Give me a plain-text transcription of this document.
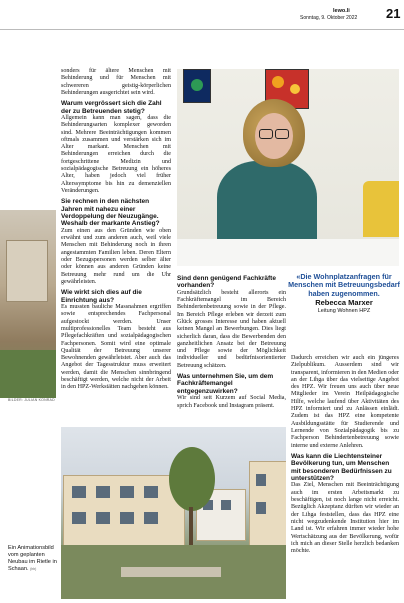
lewo.li
Sonntag, 9. Oktober 2022 21
BILDER: JULIAN KONRAD

sonders für ältere Menschen mit Behinderung und für Menschen mit schwereren geistig-körperlichen Behinderungen ausgerichtet sein wird.

Warum vergrössert sich die Zahl der zu Betreuenden stetig?

Allgemein kann man sagen, dass die Behinderungsarten komplexer geworden sind. Mehrere Beeinträchtigungen kommen oftmals zusammen und verstärken sich im Alter markant. Menschen mit Behinderungen erreichen durch die fortgeschrittene Medizin und sozialpädagogische Betreuung ein höheres Alter, haben jedoch viel früher Alterssymptome bis hin zu demenziellen Veränderungen.

Sie rechnen in den nächsten Jahren mit nahezu einer Verdoppelung der Neuzugänge. Weshalb der markante Anstieg?

Zum einen aus den Gründen wie oben erwähnt und zum anderen auch, weil viele Menschen mit Behinderung noch in ihren angestammten Familien leben. Deren Eltern oder Bezugspersonen werden selber älter oder können aus anderen Gründen keine Betreuung mehr rund um die Uhr gewährleisten.

Wie wirkt sich dies auf die Einrichtung aus?

Es mussten bauliche Massnahmen ergriffen sowie entsprechendes Fachpersonal aufgestockt werden. Unser multiprofessionelles Team besteht aus Pflegefachkräften und sozialpädagogischen Fachpersonen. Somit wird eine optimale Qualität der Betreuung unserer Bewohnenden gewährleistet. Aber auch das Angebot der Tagesstruktur muss erweitert werden, damit die Menschen sinnbringend beschäftigt werden, welche nicht der Arbeit in den HPZ-Werkstätten nachgehen können.

Sind denn genügend Fachkräfte vorhanden?

Grundsätzlich besteht allerorts ein Fachkräftemangel im Bereich Behindertenbetreuung sowie in der Pflege. Im Bereich Pflege erleben wir derzeit zum Glück grosses Interesse und haben aktuell keinen Mangel an Bewerbungen. Dies liegt sicherlich daran, dass die Bewerbenden den ganzheitlichen Ansatz bei der Betreuung und Pflege sowie der Möglichkeit individueller und bedürfnisorientierter Betreuung schätzen.

Was unternehmen Sie, um dem Fachkräftemangel entgegenzuwirken?

Wir sind seit Kurzem auf Social Media, sprich Facebook und Instagram präsent.

«Die Wohnplatzanfragen für Menschen mit Betreuungsbedarf haben zugenommen.
Rebecca Marxer
Leitung Wohnen HPZ

Dadurch erreichen wir auch ein jüngeres Zielpublikum. Ausserdem sind wir transparent, informieren in den Medien oder an der Lihga über das vielseitige Angebot des HPZ. Wir freuen uns auch über neue Mitglieder im Verein Heilpädagogische Hilfe, welche laufend über Aktivitäten des HPZ informiert und zu Anlässen einlädt. Zudem ist das HPZ eine kompetente Ausbildungsstätte für Studierende und Lernende von Sozialpädagogik bis zu Fachperson Behindertenbetreuung sowie interne und externe Anlehren.

Was kann die Liechtensteiner Bevölkerung tun, um Menschen mit besonderen Bedürfnissen zu unterstützen?

Das Ziel, Menschen mit Beeinträchtigung auch im ersten Arbeitsmarkt zu beschäftigen, ist noch lange nicht erreicht. Bezüglich Akzeptanz dürften wir wieder an der Lihga feststellen, dass das HPZ eine nicht wegzudenkende Institution hier im Land ist. Wir erfahren immer wieder hohe Wertschätzung aus der Bevölkerung, wofür ich mich an dieser Stelle herzlich bedanken möchte.

Ein Animationsbild vom geplanten Neubau im Rietle in Schaan. (hb)
